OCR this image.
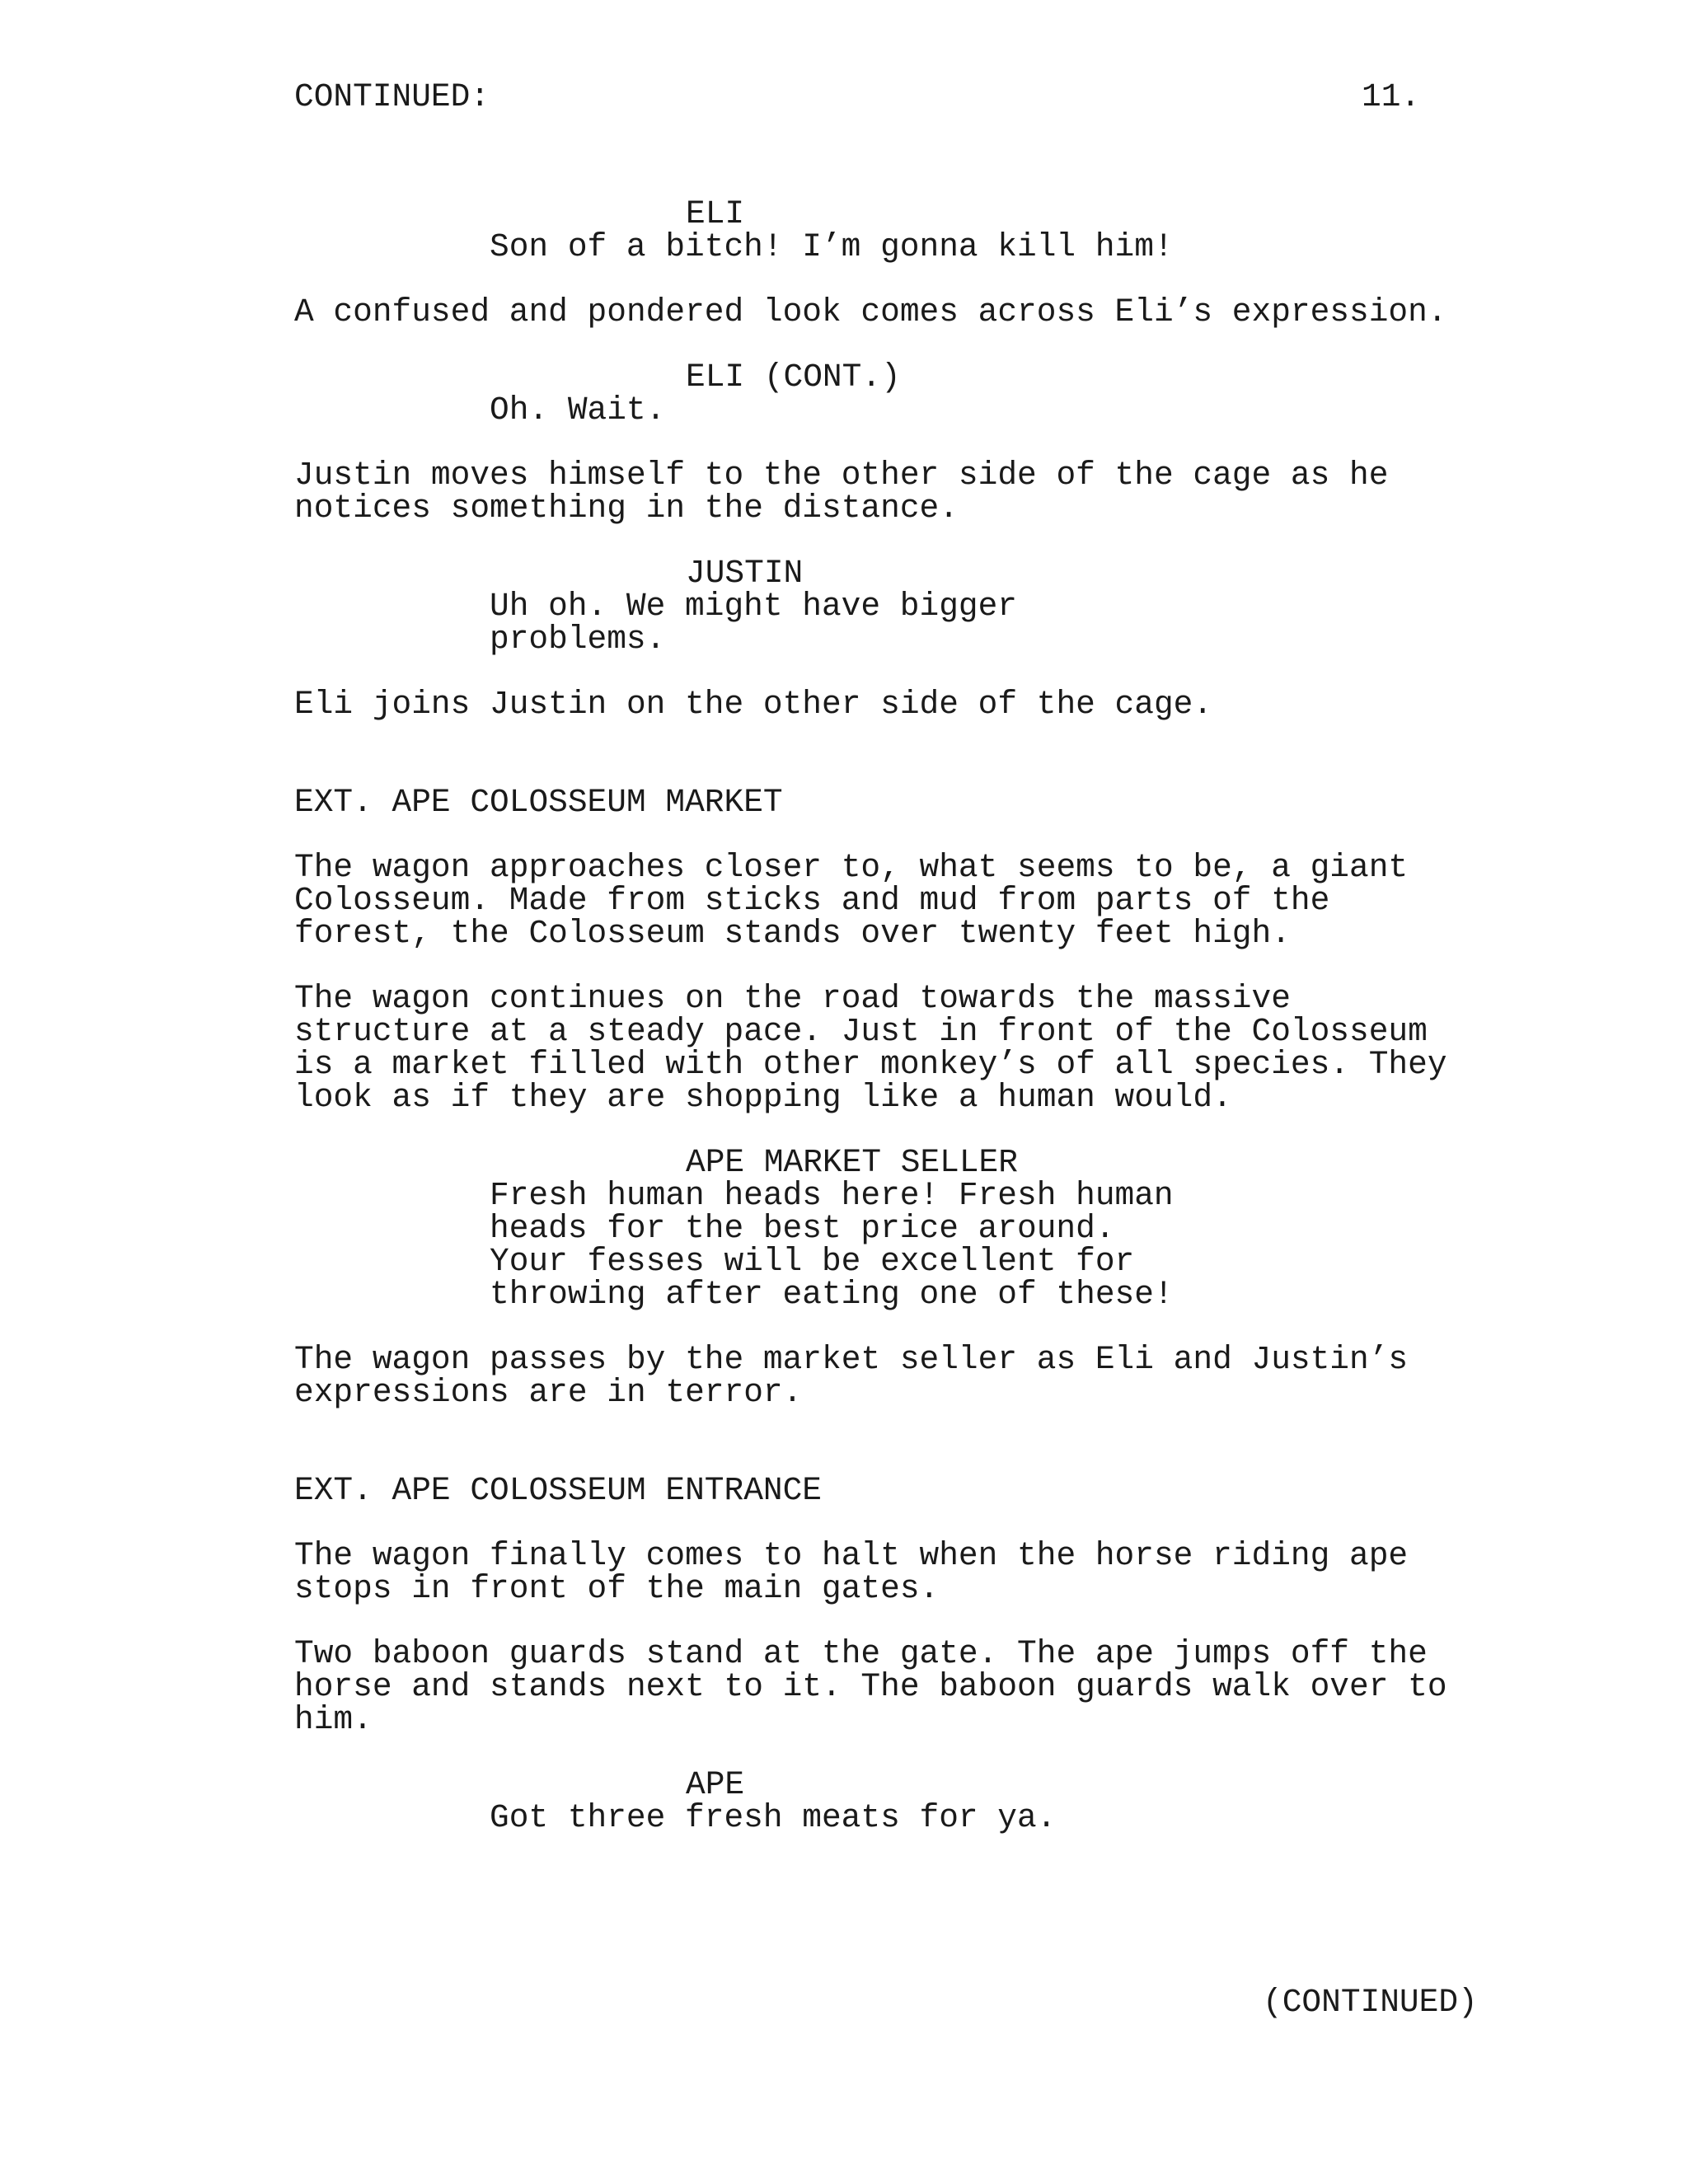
CONTINUED:	11.
ELI
Son of a bitch! I’m gonna kill him!
A confused and pondered look comes across Eli’s expression.
ELI (CONT.)
Oh. Wait.
Justin moves himself to the other side of the cage as he
notices something in the distance.
JUSTIN
Uh oh. We might have bigger
problems.
Eli joins Justin on the other side of the cage.
EXT. APE COLOSSEUM MARKET
The wagon approaches closer to, what seems to be, a giant
Colosseum. Made from sticks and mud from parts of the
forest, the Colosseum stands over twenty feet high.
The wagon continues on the road towards the massive
structure at a steady pace. Just in front of the Colosseum
is a market filled with other monkey’s of all species. They
look as if they are shopping like a human would.
APE MARKET SELLER
Fresh human heads here! Fresh human
heads for the best price around.
Your fesses will be excellent for
throwing after eating one of these!
The wagon passes by the market seller as Eli and Justin’s
expressions are in terror.
EXT. APE COLOSSEUM ENTRANCE
The wagon finally comes to halt when the horse riding ape
stops in front of the main gates.
Two baboon guards stand at the gate. The ape jumps off the
horse and stands next to it. The baboon guards walk over to
him.
APE
Got three fresh meats for ya.
(CONTINUED)
